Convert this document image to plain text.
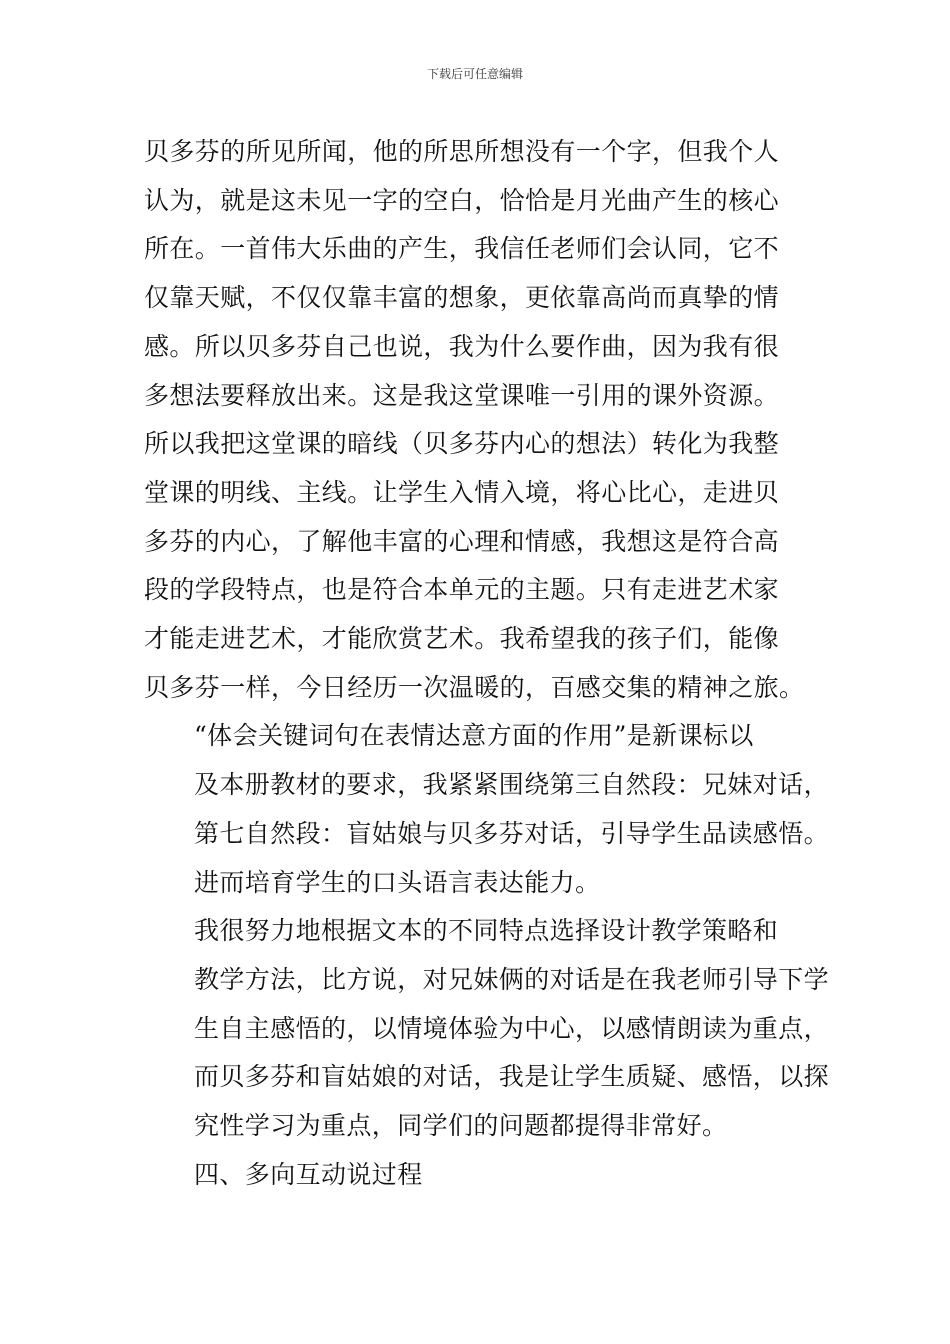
下载后可任意编辑

贝多芬的所见所闻，他的所思所想没有一个字，但我个人
认为，就是这未见一字的空白，恰恰是月光曲产生的核心
所在。一首伟大乐曲的产生，我信任老师们会认同，它不
仅靠天赋，不仅仅靠丰富的想象，更依靠高尚而真挚的情
感。所以贝多芬自己也说，我为什么要作曲，因为我有很
多想法要释放出来。这是我这堂课唯一引用的课外资源。
所以我把这堂课的暗线（贝多芬内心的想法）转化为我整
堂课的明线、主线。让学生入情入境，将心比心，走进贝
多芬的内心，了解他丰富的心理和情感，我想这是符合高
段的学段特点，也是符合本单元的主题。只有走进艺术家
才能走进艺术，才能欣赏艺术。我希望我的孩子们，能像
贝多芬一样，今日经历一次温暖的，百感交集的精神之旅。

“体会关键词句在表情达意方面的作用”是新课标以
及本册教材的要求，我紧紧围绕第三自然段：兄妹对话，
第七自然段：盲姑娘与贝多芬对话，引导学生品读感悟。
进而培育学生的口头语言表达能力。

我很努力地根据文本的不同特点选择设计教学策略和
教学方法，比方说，对兄妹俩的对话是在我老师引导下学
生自主感悟的，以情境体验为中心，以感情朗读为重点，
而贝多芬和盲姑娘的对话，我是让学生质疑、感悟，以探
究性学习为重点，同学们的问题都提得非常好。

四、多向互动说过程
